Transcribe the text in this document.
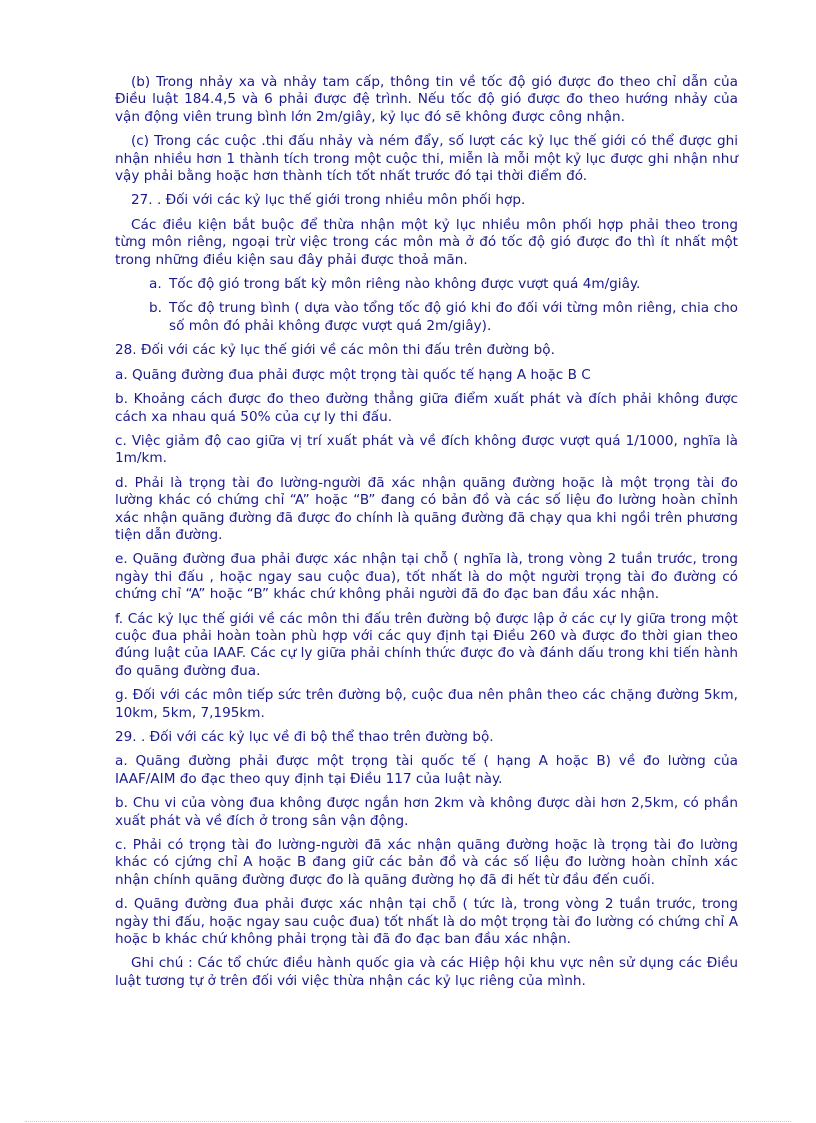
(b) Trong nhảy xa và nhảy tam cấp, thông tin về tốc độ gió được đo theo chỉ dẫn của Điều luật 184.4,5 và 6 phải được đệ trình. Nếu tốc độ gió được đo theo hướng nhảy của vận động viên trung bình lớn 2m/giây, kỷ lục đó sẽ không được công nhận.

(c) Trong các cuộc .thi đấu nhảy và ném đẩy, số lượt các kỷ lục thế giới có thể được ghi nhận nhiều hơn 1 thành tích trong một cuộc thi, miễn là mỗi một kỷ lục được ghi nhận như vậy phải bằng hoặc hơn thành tích tốt nhất trước đó tại thời điểm đó.

27. . Đối với các kỷ lục thế giới trong nhiều môn phối hợp.

Các điều kiện bắt buộc để thừa nhận một kỷ lục nhiều môn phối hợp phải theo trong từng môn riêng, ngoại trừ việc trong các môn mà ở đó tốc độ gió được đo thì ít nhất một trong những điều kiện sau đây phải được thoả mãn.

a. Tốc độ gió trong bất kỳ môn riêng nào không được vượt quá 4m/giây.
b. Tốc độ trung bình ( dựa vào tổng tốc độ gió khi đo đối với từng môn riêng, chia cho số môn đó phải không được vượt quá 2m/giây).

28. Đối với các kỷ lục thế giới về các môn thi đấu trên đường bộ.

a. Quãng đường đua phải được một trọng tài quốc tế hạng A hoặc B C

b. Khoảng cách được đo theo đường thẳng giữa điểm xuất phát và đích phải không được cách xa nhau quá 50% của cự ly thi đấu.

c. Việc giảm độ cao giữa vị trí xuất phát và về đích không được vượt quá 1/1000, nghĩa là 1m/km.

d. Phải là trọng tài đo lường-người đã xác nhận quãng đường hoặc là một trọng tài đo lường khác có chứng chỉ “A” hoặc “B” đang có bản đồ và các số liệu đo lường hoàn chỉnh xác nhận quãng đường đã được đo chính là quãng đường đã chạy qua khi ngồi trên phương tiện dẫn đường.

e. Quãng đường đua phải được xác nhận tại chỗ ( nghĩa là, trong vòng 2 tuần trước, trong ngày thi đấu , hoặc ngay sau cuộc đua), tốt nhất là do một người trọng tài đo đường có chứng chỉ “A” hoặc “B” khác chứ không phải người đã đo đạc ban đầu xác nhận.

f. Các kỷ lục thế giới về các môn thi đấu trên đường bộ được lập ở các cự ly giữa trong một cuộc đua phải hoàn toàn phù hợp với các quy định tại Điều 260 và được đo thời gian theo đúng luật của IAAF. Các cự ly giữa phải chính thức được đo và đánh dấu trong khi tiến hành đo quãng đường đua.

g. Đối với các môn tiếp sức trên đường bộ, cuộc đua nên phân theo các chặng đường 5km, 10km, 5km, 7,195km.

29. . Đối với các kỷ lục về đi bộ thể thao trên đường bộ.

a. Quãng đường phải được một trọng tài quốc tế ( hạng A hoặc B) về đo lường của IAAF/AIM đo đạc theo quy định tại Điều 117 của luật này.

b. Chu vi của vòng đua không được ngắn hơn 2km và không được dài hơn 2,5km, có phần xuất phát và về đích ở trong sân vận động.

c. Phải có trọng tài đo lường-người đã xác nhận quãng đường hoặc là trọng tài đo lường khác có cjứng chỉ A hoặc B đang giữ các bản đồ và các số liệu đo lường hoàn chỉnh xác nhận chính quãng đường được đo là quãng đường họ đã đi hết từ đầu đến cuối.

d. Quãng đường đua phải được xác nhận tại chỗ ( tức là, trong vòng 2 tuần trước, trong ngày thi đấu, hoặc ngay sau cuộc đua) tốt nhất là do một trọng tài đo lường có chứng chỉ A hoặc b khác chứ không phải trọng tài đã đo đạc ban đầu xác nhận.

Ghi chú : Các tổ chức điều hành quốc gia và các Hiệp hội khu vực nên sử dụng các Điều luật tương tự ở trên đối với việc thừa nhận các kỷ lục riêng của mình.
